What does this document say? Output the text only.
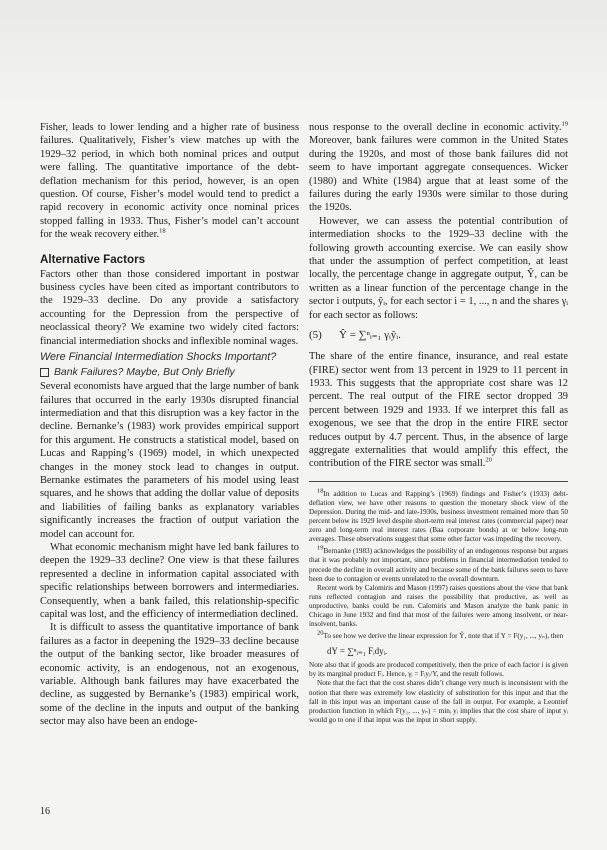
Fisher, leads to lower lending and a higher rate of business failures. Qualitatively, Fisher’s view matches up with the 1929–32 period, in which both nominal prices and output were falling. The quantitative importance of the debt-deflation mechanism for this period, however, is an open question. Of course, Fisher’s model would tend to predict a rapid recovery in economic activity once nominal prices stopped falling in 1933. Thus, Fisher’s model can’t account for the weak recovery either.$^{18}$

Alternative Factors

Factors other than those considered important in postwar business cycles have been cited as important contributors to the 1929–33 decline. Do any provide a satisfactory accounting for the Depression from the perspective of neoclassical theory? We examine two widely cited factors: financial intermediation shocks and inflexible nominal wages.

Were Financial Intermediation Shocks Important?
Bank Failures? Maybe, But Only Briefly

Several economists have argued that the large number of bank failures that occurred in the early 1930s disrupted financial intermediation and that this disruption was a key factor in the decline. Bernanke’s (1983) work provides empirical support for this argument. He constructs a statistical model, based on Lucas and Rapping’s (1969) model, in which unexpected changes in the money stock lead to changes in output. Bernanke estimates the parameters of his model using least squares, and he shows that adding the dollar value of deposits and liabilities of failing banks as explanatory variables significantly increases the fraction of output variation the model can account for.

What economic mechanism might have led bank failures to deepen the 1929–33 decline? One view is that these failures represented a decline in information capital associated with specific relationships between borrowers and intermediaries. Consequently, when a bank failed, this relationship-specific capital was lost, and the efficiency of intermediation declined.

It is difficult to assess the quantitative importance of bank failures as a factor in deepening the 1929–33 decline because the output of the banking sector, like broader measures of economic activity, is an endogenous, not an exogenous, variable. Although bank failures may have exacerbated the decline, as suggested by Bernanke’s (1983) empirical work, some of the decline in the inputs and output of the banking sector may also have been an endoge-

nous response to the overall decline in economic activity.$^{19}$ Moreover, bank failures were common in the United States during the 1920s, and most of those bank failures did not seem to have important aggregate consequences. Wicker (1980) and White (1984) argue that at least some of the failures during the early 1930s were similar to those during the 1920s.

However, we can assess the potential contribution of intermediation shocks to the 1929–33 decline with the following growth accounting exercise. We can easily show that under the assumption of perfect competition, at least locally, the percentage change in aggregate output, Ŷ, can be written as a linear function of the percentage change in the sector i outputs, ŷᵢ, for each sector i = 1, ..., n and the shares γᵢ for each sector as follows:

(5)	Ŷ = ∑ⁿᵢ₌₁ γᵢŷᵢ.

The share of the entire finance, insurance, and real estate (FIRE) sector went from 13 percent in 1929 to 11 percent in 1933. This suggests that the appropriate cost share was 12 percent. The real output of the FIRE sector dropped 39 percent between 1929 and 1933. If we interpret this fall as exogenous, we see that the drop in the entire FIRE sector reduces output by 4.7 percent. Thus, in the absence of large aggregate externalities that would amplify this effect, the contribution of the FIRE sector was small.$^{20}$

$^{18}$In addition to Lucas and Rapping’s (1969) findings and Fisher’s (1933) debt-deflation view, we have other reasons to question the monetary shock view of the Depression. During the mid- and late-1930s, business investment remained more than 50 percent below its 1929 level despite short-term real interest rates (commercial paper) near zero and long-term real interest rates (Baa corporate bonds) at or below long-run averages. These observations suggest that some other factor was impeding the recovery.

$^{19}$Bernanke (1983) acknowledges the possibility of an endogenous response but argues that it was probably not important, since problems in financial intermediation tended to precede the decline in overall activity and because some of the bank failures seem to have been due to contagion or events unrelated to the overall downturn.

Recent work by Calomiris and Mason (1997) raises questions about the view that bank runs reflected contagion and raises the possibility that productive, as well as unproductive, banks could be run. Calomiris and Mason analyze the bank panic in Chicago in June 1932 and find that most of the failures were among insolvent, or near-insolvent, banks.

$^{20}$To see how we derive the linear expression for Ŷ, note that if Y = F(y₁, ..., yₙ), then

dY = ∑ⁿᵢ₌₁ Fᵢdyᵢ.

Note also that if goods are produced competitively, then the price of each factor i is given by its marginal product Fᵢ. Hence, γᵢ = Fᵢyᵢ/Y, and the result follows.

Note that the fact that the cost shares didn’t change very much is inconsistent with the notion that there was extremely low elasticity of substitution for this input and that the fall in this input was an important cause of the fall in output. For example, a Leontief production function in which F(y₁, ..., yₙ) = minᵢ yᵢ implies that the cost share of input yᵢ would go to one if that input was the input in short supply.

16
